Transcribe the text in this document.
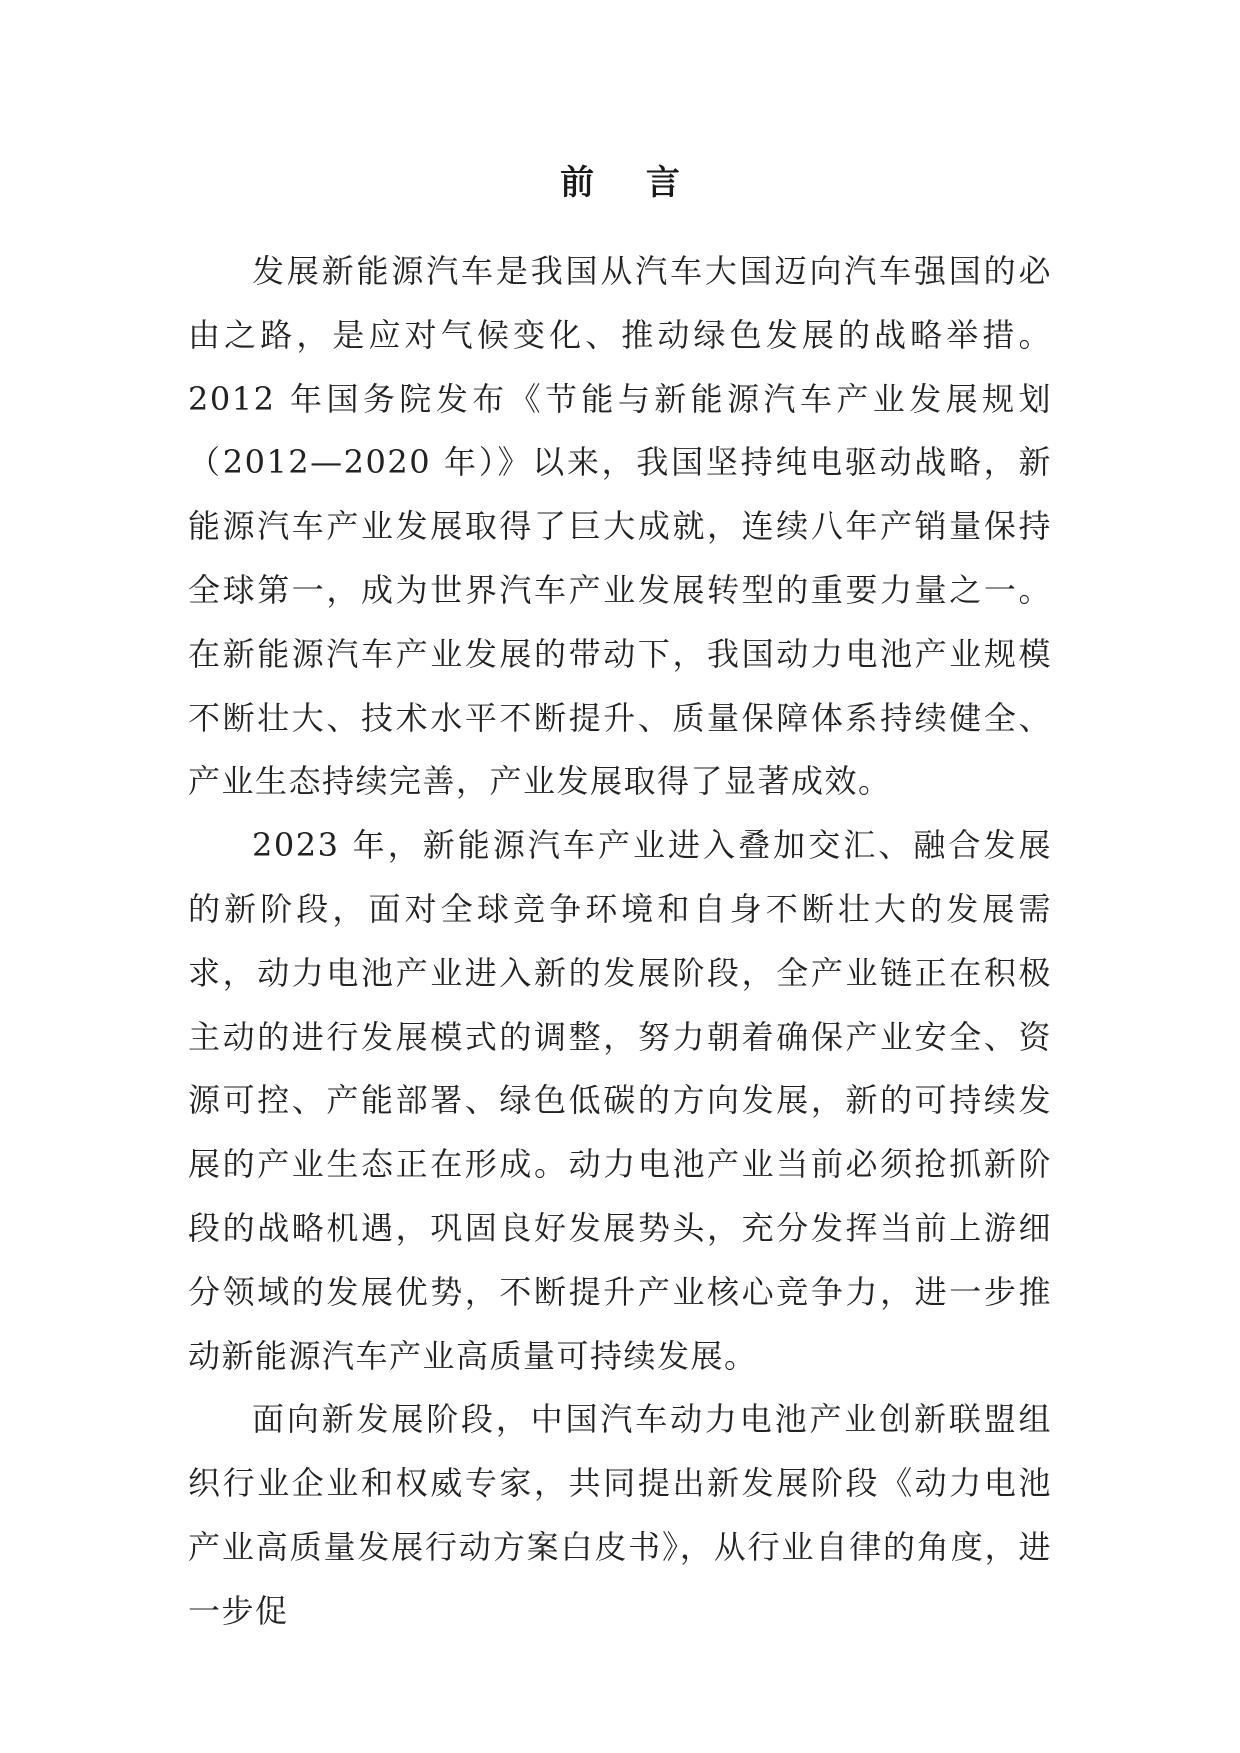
前 言

发展新能源汽车是我国从汽车大国迈向汽车强国的必由之路，是应对气候变化、推动绿色发展的战略举措。2012 年国务院发布《节能与新能源汽车产业发展规划（2012—2020 年）》以来，我国坚持纯电驱动战略，新能源汽车产业发展取得了巨大成就，连续八年产销量保持全球第一，成为世界汽车产业发展转型的重要力量之一。在新能源汽车产业发展的带动下，我国动力电池产业规模不断壮大、技术水平不断提升、质量保障体系持续健全、产业生态持续完善，产业发展取得了显著成效。

2023 年，新能源汽车产业进入叠加交汇、融合发展的新阶段，面对全球竞争环境和自身不断壮大的发展需求，动力电池产业进入新的发展阶段，全产业链正在积极主动的进行发展模式的调整，努力朝着确保产业安全、资源可控、产能部署、绿色低碳的方向发展，新的可持续发展的产业生态正在形成。动力电池产业当前必须抢抓新阶段的战略机遇，巩固良好发展势头，充分发挥当前上游细分领域的发展优势，不断提升产业核心竞争力，进一步推动新能源汽车产业高质量可持续发展。

面向新发展阶段，中国汽车动力电池产业创新联盟组织行业企业和权威专家，共同提出新发展阶段《动力电池产业高质量发展行动方案白皮书》，从行业自律的角度，进一步促
